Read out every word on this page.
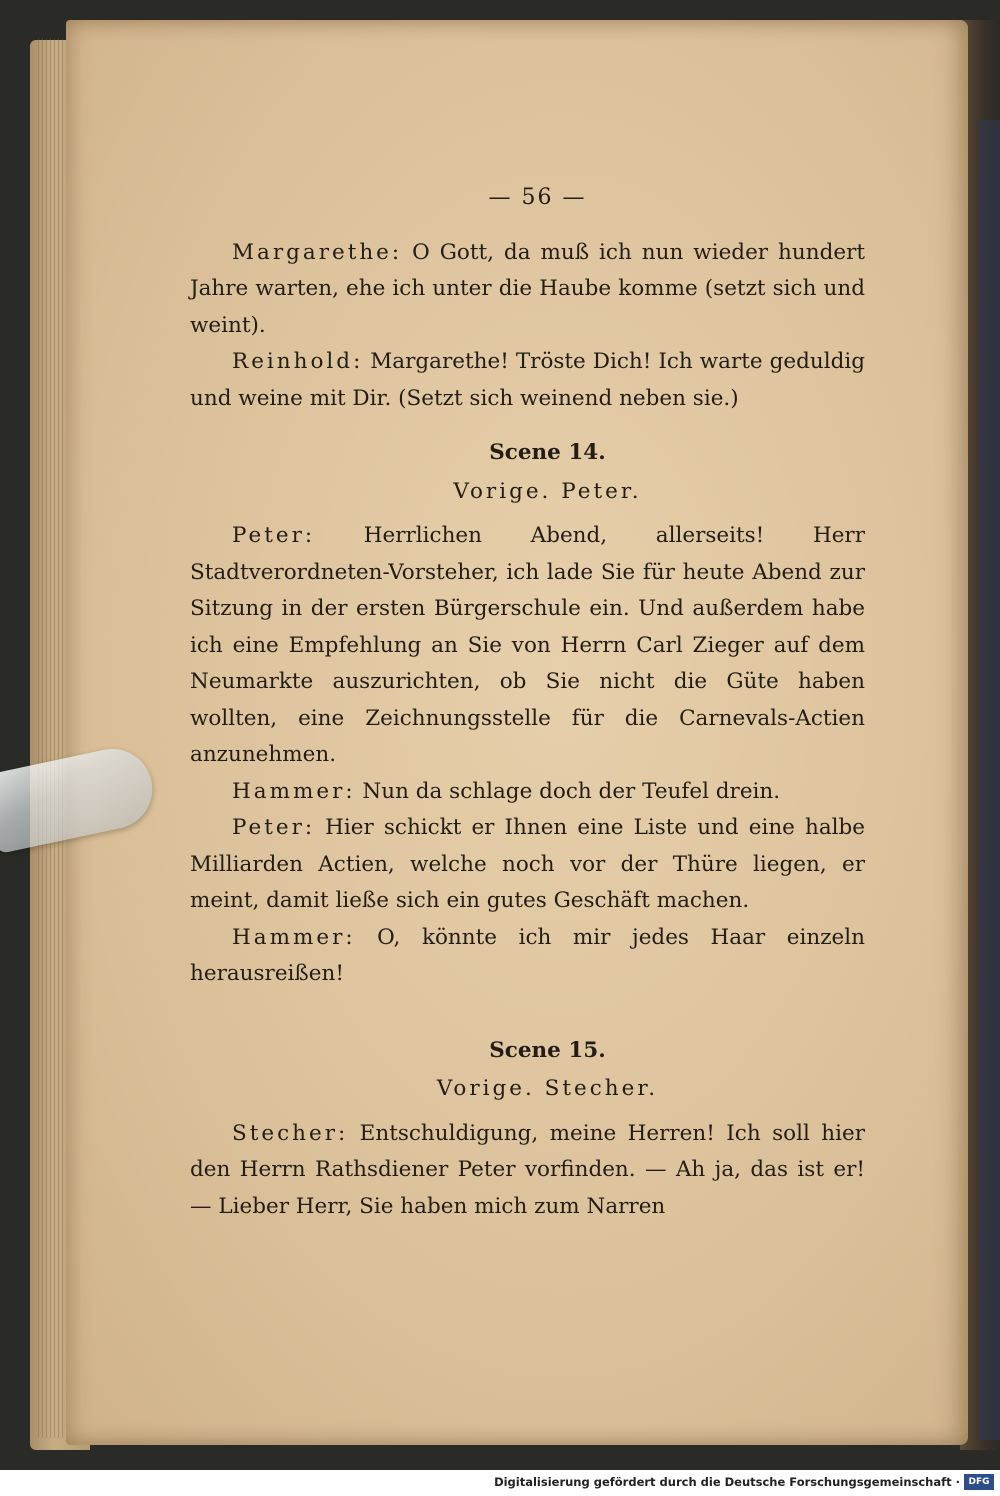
— 56 —

Margarethe: O Gott, da muß ich nun wieder hundert Jahre warten, ehe ich unter die Haube komme (setzt sich und weint).

Reinhold: Margarethe! Tröste Dich! Ich warte geduldig und weine mit Dir. (Setzt sich weinend neben sie.)

Scene 14.
Vorige. Peter.

Peter: Herrlichen Abend, allerseits! Herr Stadtverordneten-Vorsteher, ich lade Sie für heute Abend zur Sitzung in der ersten Bürgerschule ein. Und außerdem habe ich eine Empfehlung an Sie von Herrn Carl Zieger auf dem Neumarkte auszurichten, ob Sie nicht die Güte haben wollten, eine Zeichnungsstelle für die Carnevals-Actien anzunehmen.

Hammer: Nun da schlage doch der Teufel drein.

Peter: Hier schickt er Ihnen eine Liste und eine halbe Milliarden Actien, welche noch vor der Thüre liegen, er meint, damit ließe sich ein gutes Geschäft machen.

Hammer: O, könnte ich mir jedes Haar einzeln herausreißen!

Scene 15.
Vorige. Stecher.

Stecher: Entschuldigung, meine Herren! Ich soll hier den Herrn Rathsdiener Peter vorfinden. — Ah ja, das ist er! — Lieber Herr, Sie haben mich zum Narren

Digitalisierung gefördert durch die Deutsche Forschungsgemeinschaft · DFG
